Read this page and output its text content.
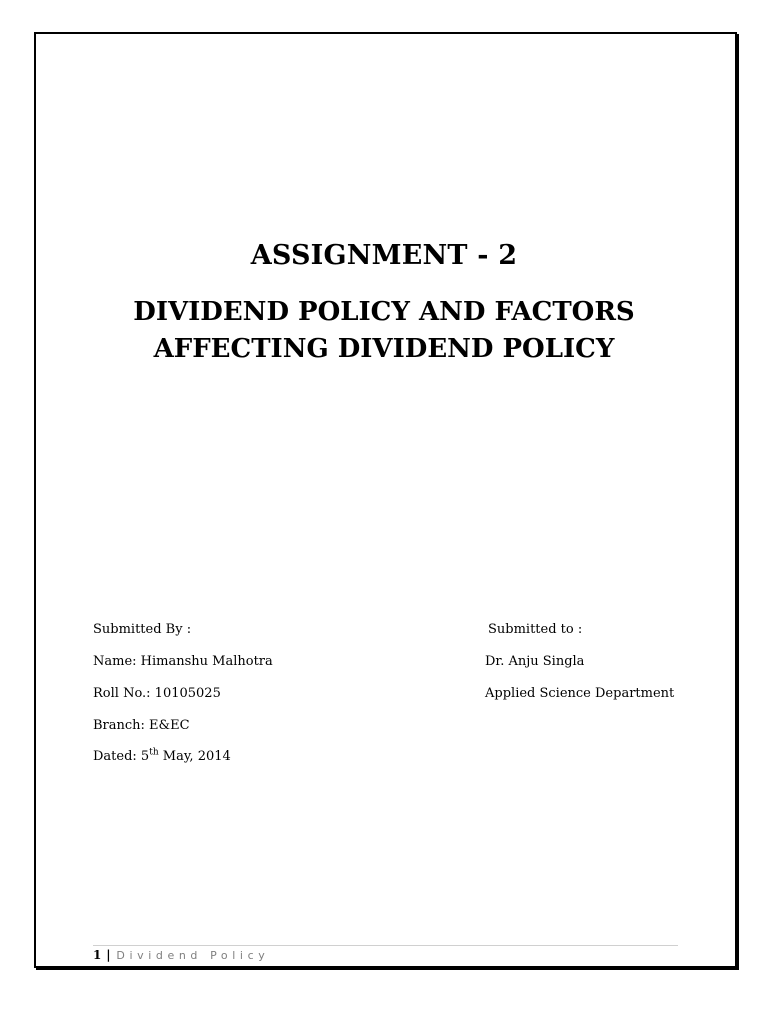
ASSIGNMENT - 2
DIVIDEND POLICY AND FACTORS
AFFECTING DIVIDEND POLICY
Submitted By :
Name: Himanshu Malhotra
Roll No.: 10105025
Branch: E&EC
Dated: 5th May, 2014
Submitted to :
Dr. Anju Singla
Applied Science Department
1 | Dividend Policy
